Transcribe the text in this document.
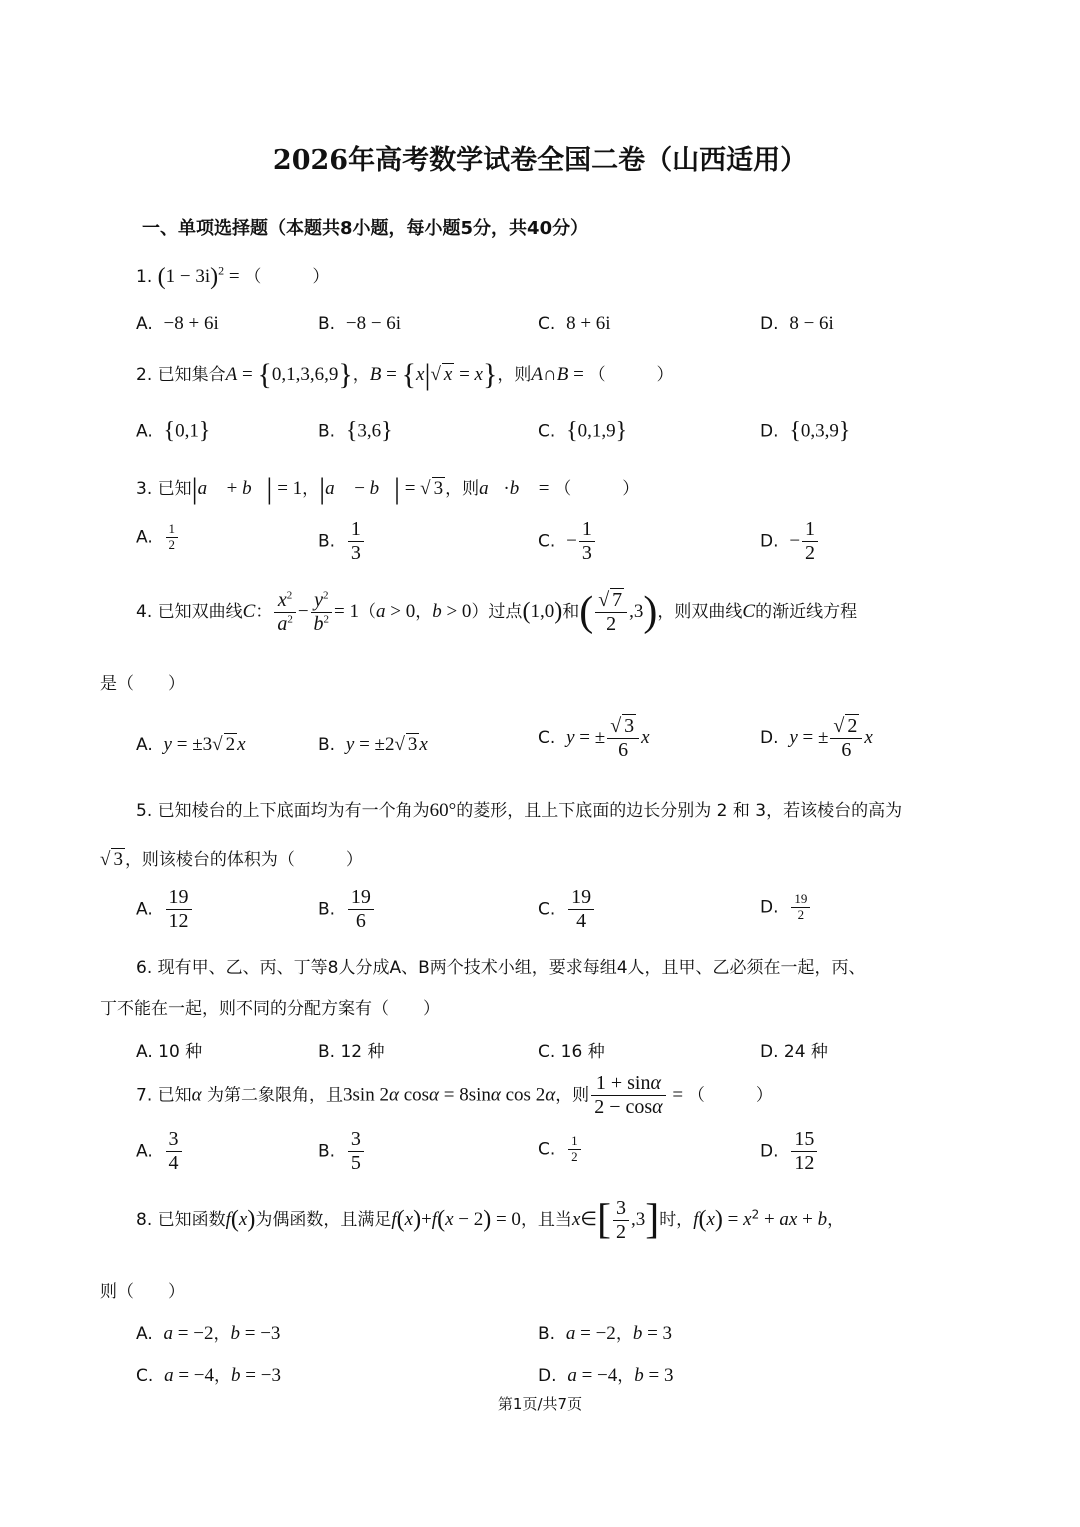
2026年高考数学试卷全国二卷（山西适用）
一、单项选择题（本题共8小题，每小题5分，共40分）
1. $(1 - 3i)^2$ = （　　　）
A.  −8 + 6i	B.  −8 − 6i	C.  8 + 6i	D.  8 − 6i
2. 已知集合A = {0,1,3,6,9}，B = {x|√ x = x}，则A∩B = （　　　）
A.  {0,1}	B.  {3,6}	C.  {0,1,9}	D.  {0,3,9}
3. 已知|a⃗ + b⃗| = 1，|a⃗ − b⃗| = √ 3 ，则a⃗·b⃗ = （　　　）
A. $\frac{1}{2}$	B. $\frac{1}{3}$	C.  − $\frac{1}{3}$	D.  − $\frac{1}{2}$
4. 已知双曲线C： $\frac{x^2}{a^2} - \frac{y^2}{b^2} = 1(a > 0$，b > 0）过点(1,0)和( $\frac{√ 7}{2} ,3$)，则双曲线C的渐近线方程
是（　　）
A.  y = ±3√ 2 x	B.  y = ±2√ 3 x	C.  y = ± $\frac{√ 3}{6}$ x	D.  y = ± $\frac{√ 2}{6}$ x
5. 已知棱台的上下底面均为有一个角为60°的菱形，且上下底面的边长分别为 2 和 3，若该棱台的高为
√ 3 ，则该棱台的体积为（　　　）
A. $\frac{19}{12}$	B. $\frac{19}{6}$	C. $\frac{19}{4}$	D. $\frac{19}{2}$
6. 现有甲、乙、丙、丁等8人分成A、B两个技术小组，要求每组4人，且甲、乙必须在一起，丙、
丁不能在一起，则不同的分配方案有（　　）
A. 10 种	B. 12 种	C. 16 种	D. 24 种
7. 已知α 为第二象限角，且3sin 2α cosα = 8sinα cos 2α，则 $\frac{1 + \sin\alpha}{2 - \cos\alpha}$ = （　　　）
A. $\frac{3}{4}$	B. $\frac{3}{5}$	C. $\frac{1}{2}$	D. $\frac{15}{12}$
8. 已知函数f(x)为偶函数，且满足f(x)+f(x − 2) = 0，且当x∈[ $\frac{3}{2} ,3$]时，$f(x) = x^2$ + ax + b，
则（　　）
A.  a = −2，b = −3	B.  a = −2，b = 3
C.  a = −4，b = −3	D.  a = −4，b = 3
第1页/共7页
